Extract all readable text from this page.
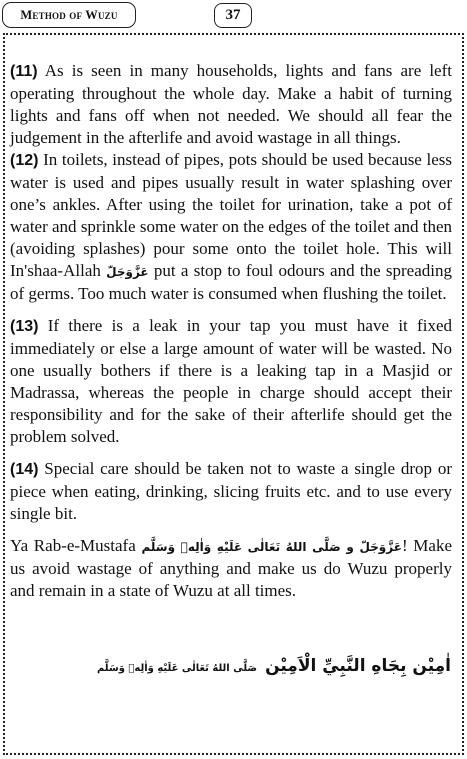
Method of Wuzu	37

(11) As is seen in many households, lights and fans are left operating throughout the whole day. Make a habit of turning lights and fans off when not needed. We should all fear the judgement in the afterlife and avoid wastage in all things.

(12) In toilets, instead of pipes, pots should be used because less water is used and pipes usually result in water splashing over one’s ankles. After using the toilet for urination, take a pot of water and sprinkle some water on the edges of the toilet and then (avoiding splashes) pour some onto the toilet hole. This will In'shaa-Allah عَزَّوَجَلّ put a stop to foul odours and the spreading of germs. Too much water is consumed when flushing the toilet.

(13) If there is a leak in your tap you must have it fixed immediately or else a large amount of water will be wasted. No one usually bothers if there is a leaking tap in a Masjid or Madrassa, whereas the people in charge should accept their responsibility and for the sake of their afterlife should get the problem solved.

(14) Special care should be taken not to waste a single drop or piece when eating, drinking, slicing fruits etc. and to use every single bit.

Ya Rab-e-Mustafa عَزَّوَجَلّ و صَلَّى اللهُ تَعَالٰى عَلَيْهِ وَاٰلِهٖ وَسَلَّم! Make us avoid wastage of anything and make us do Wuzu properly and remain in a state of Wuzu at all times.

اٰمِيْن بِجَاهِ النَّبِيِّ الْاَمِيْن
صَلَّى اللهُ تَعَالٰى عَلَيْهِ وَاٰلِهٖ وَسَلَّم
